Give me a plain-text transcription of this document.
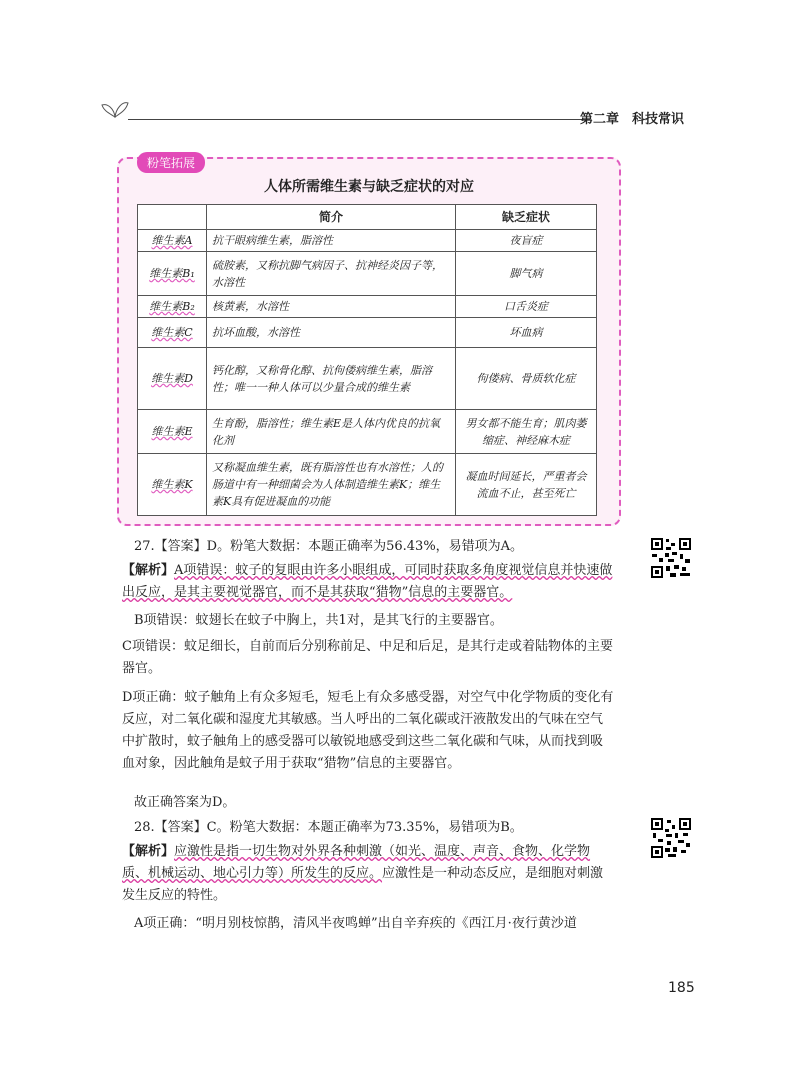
第二章　科技常识
粉笔拓展
人体所需维生素与缺乏症状的对应
	简介	缺乏症状
维生素A	抗干眼病维生素，脂溶性	夜盲症
维生素B₁	硫胺素，又称抗脚气病因子、抗神经炎因子等，水溶性	脚气病
维生素B₂	核黄素，水溶性	口舌炎症
维生素C	抗坏血酸，水溶性	坏血病
维生素D	钙化醇，又称骨化醇、抗佝偻病维生素，脂溶性；唯一一种人体可以少量合成的维生素	佝偻病、骨质软化症
维生素E	生育酚，脂溶性；维生素E是人体内优良的抗氧化剂	男女都不能生育；肌肉萎缩症、神经麻木症
维生素K	又称凝血维生素，既有脂溶性也有水溶性；人的肠道中有一种细菌会为人体制造维生素K；维生素K具有促进凝血的功能	凝血时间延长，严重者会流血不止，甚至死亡
27.【答案】D。粉笔大数据：本题正确率为56.43%，易错项为A。
【解析】A项错误：蚊子的复眼由许多小眼组成，可同时获取多角度视觉信息并快速做出反应，是其主要视觉器官，而不是其获取“猎物”信息的主要器官。
B项错误：蚊翅长在蚊子中胸上，共1对，是其飞行的主要器官。
C项错误：蚊足细长，自前而后分别称前足、中足和后足，是其行走或着陆物体的主要器官。
D项正确：蚊子触角上有众多短毛，短毛上有众多感受器，对空气中化学物质的变化有反应，对二氧化碳和湿度尤其敏感。当人呼出的二氧化碳或汗液散发出的气味在空气中扩散时，蚊子触角上的感受器可以敏锐地感受到这些二氧化碳和气味，从而找到吸血对象，因此触角是蚊子用于获取“猎物”信息的主要器官。
故正确答案为D。
28.【答案】C。粉笔大数据：本题正确率为73.35%，易错项为B。
【解析】应激性是指一切生物对外界各种刺激（如光、温度、声音、食物、化学物质、机械运动、地心引力等）所发生的反应。应激性是一种动态反应，是细胞对刺激发生反应的特性。
A项正确：“明月别枝惊鹊，清风半夜鸣蝉”出自辛弃疾的《西江月·夜行黄沙道
185
